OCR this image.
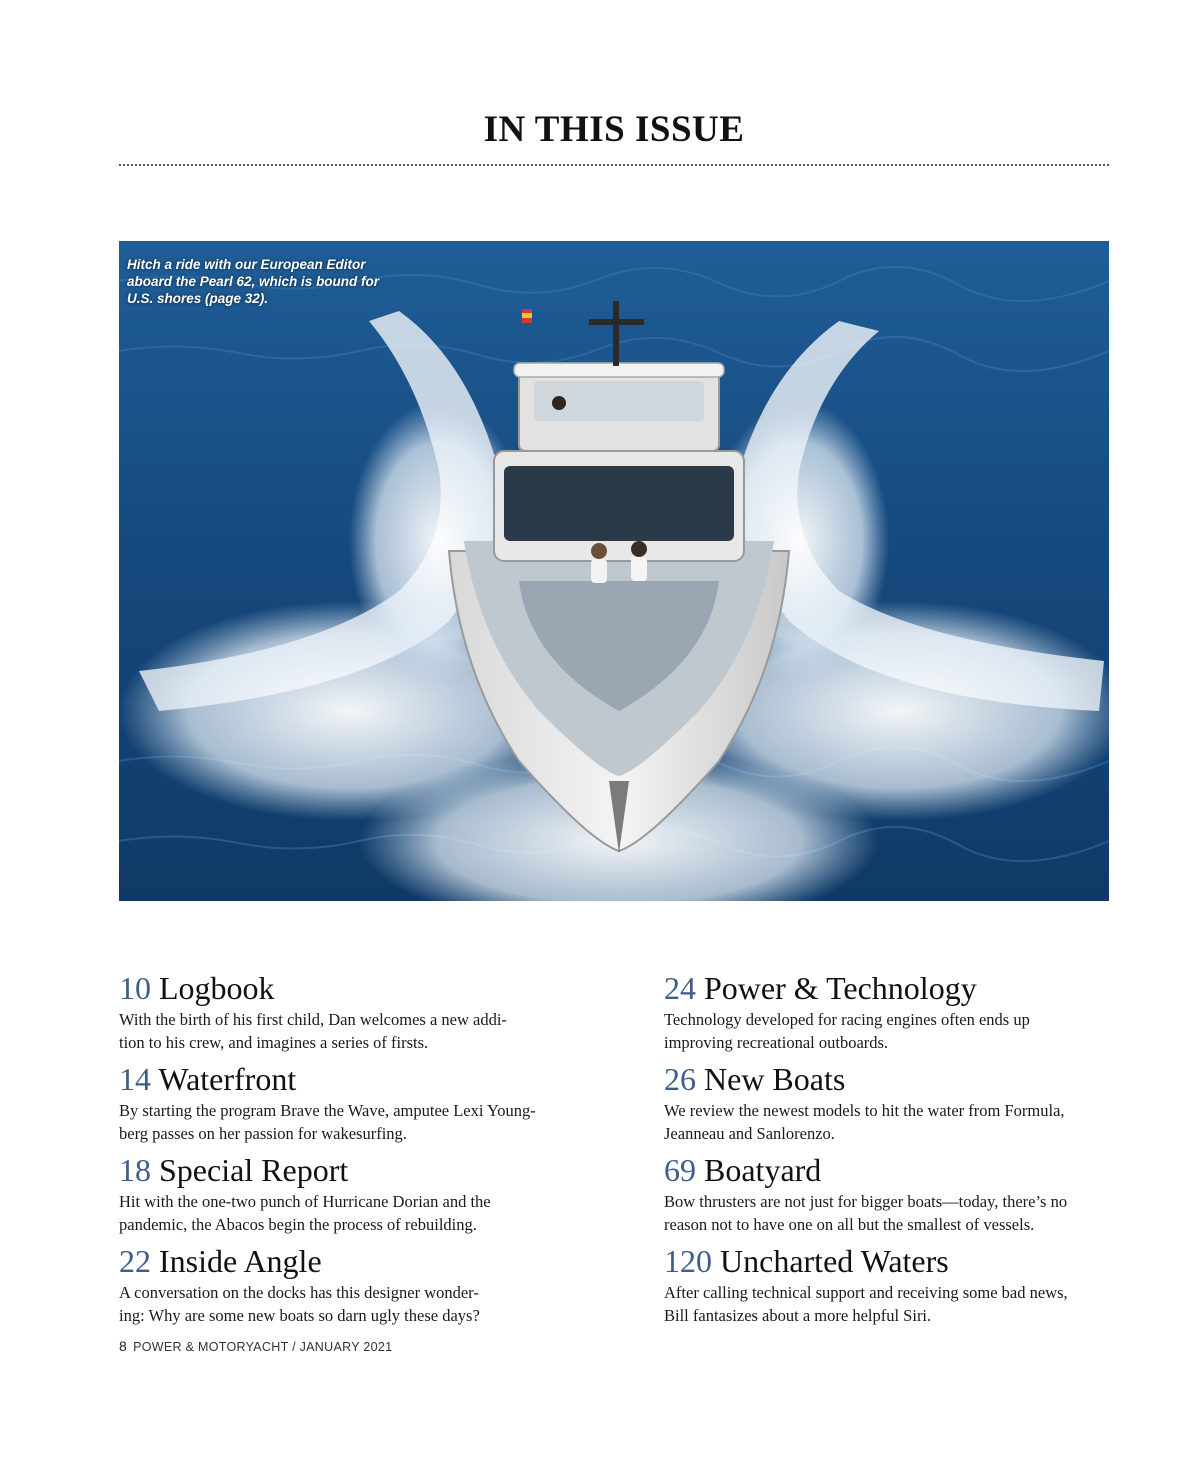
IN THIS ISSUE
Hitch a ride with our European Editor aboard the Pearl 62, which is bound for U.S. shores (page 32).
10 Logbook
With the birth of his first child, Dan welcomes a new addi-
tion to his crew, and imagines a series of firsts.
14 Waterfront
By starting the program Brave the Wave, amputee Lexi Young-
berg passes on her passion for wakesurfing.
18 Special Report
Hit with the one-two punch of Hurricane Dorian and the
pandemic, the Abacos begin the process of rebuilding.
22 Inside Angle
A conversation on the docks has this designer wonder-
ing: Why are some new boats so darn ugly these days?
24 Power & Technology
Technology developed for racing engines often ends up
improving recreational outboards.
26 New Boats
We review the newest models to hit the water from Formula,
Jeanneau and Sanlorenzo.
69 Boatyard
Bow thrusters are not just for bigger boats—today, there’s no
reason not to have one on all but the smallest of vessels.
120 Uncharted Waters
After calling technical support and receiving some bad news,
Bill fantasizes about a more helpful Siri.
8 POWER & MOTORYACHT / JANUARY 2021
